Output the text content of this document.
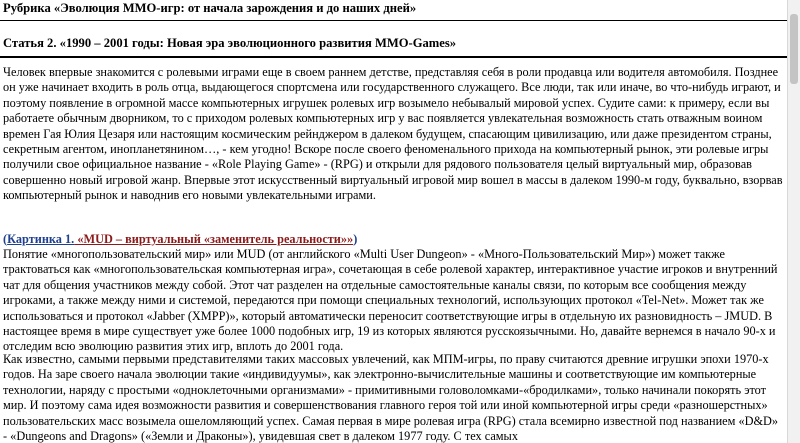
Рубрика «Эволюция MMO-игр: от начала зарождения и до наших дней»
Статья 2. «1990 – 2001 годы: Новая эра эволюционного развития MMO-Games»
Человек впервые знакомится с ролевыми играми еще в своем раннем детстве, представляя себя в роли продавца или водителя автомобиля. Позднее он уже начинает входить в роль отца, выдающегося спортсмена или государственного служащего. Все люди, так или иначе, во что-нибудь играют, и поэтому появление в огромной массе компьютерных игрушек ролевых игр возымело небывалый мировой успех. Судите сами: к примеру, если вы работаете обычным дворником, то с приходом ролевых компьютерных игр у вас появляется увлекательная возможность стать отважным воином времен Гая Юлия Цезаря или настоящим космическим рейнджером в далеком будущем, спасающим цивилизацию, или даже президентом страны, секретным агентом, инопланетянином…, - кем угодно! Вскоре после своего феноменального прихода на компьютерный рынок, эти ролевые игры получили свое официальное название - «Role Playing Game» - (RPG) и открыли для рядового пользователя целый виртуальный мир, образовав совершенно новый игровой жанр. Впервые этот искусственный виртуальный игровой мир вошел в массы в далеком 1990-м году, буквально, взорвав компьютерный рынок и наводнив его новыми увлекательными играми.
(Картинка 1. «MUD – виртуальный «заменитель реальности»»)
Понятие «многопользовательский мир» или MUD (от английского «Multi User Dungeon» - «Много-Пользовательский Мир») может также трактоваться как «многопользовательская компьютерная игра», сочетающая в себе ролевой характер, интерактивное участие игроков и внутренний чат для общения участников между собой. Этот чат разделен на отдельные самостоятельные каналы связи, по которым все сообщения между игроками, а также между ними и системой, передаются при помощи специальных технологий, использующих протокол «Tel-Net». Может так же использоваться и протокол «Jabber (XMPP)», который автоматически переносит соответствующие игры в отдельную их разновидность – JMUD. В настоящее время в мире существует уже более 1000 подобных игр, 19 из которых являются русскоязычными. Но, давайте вернемся в начало 90-х и отследим всю эволюцию развития этих игр, вплоть до 2001 года.
Как известно, самыми первыми представителями таких массовых увлечений, как МПМ-игры, по праву считаются древние игрушки эпохи 1970-х годов. На заре своего начала эволюции такие «индивидуумы», как электронно-вычислительные машины и соответствующие им компьютерные технологии, наряду с простыми «одноклеточными организмами» - примитивными головоломками-«бродилками», только начинали покорять этот мир. И поэтому сама идея возможности развития и совершенствования главного героя той или иной компьютерной игры среди «разношерстных» пользовательских масс возымела ошеломляющий успех. Самая первая в мире ролевая игра (RPG) стала всемирно известной под названием «D&D» - «Dungeons and Dragons» («Земли и Драконы»), увидевшая свет в далеком 1977 году. С тех самых
